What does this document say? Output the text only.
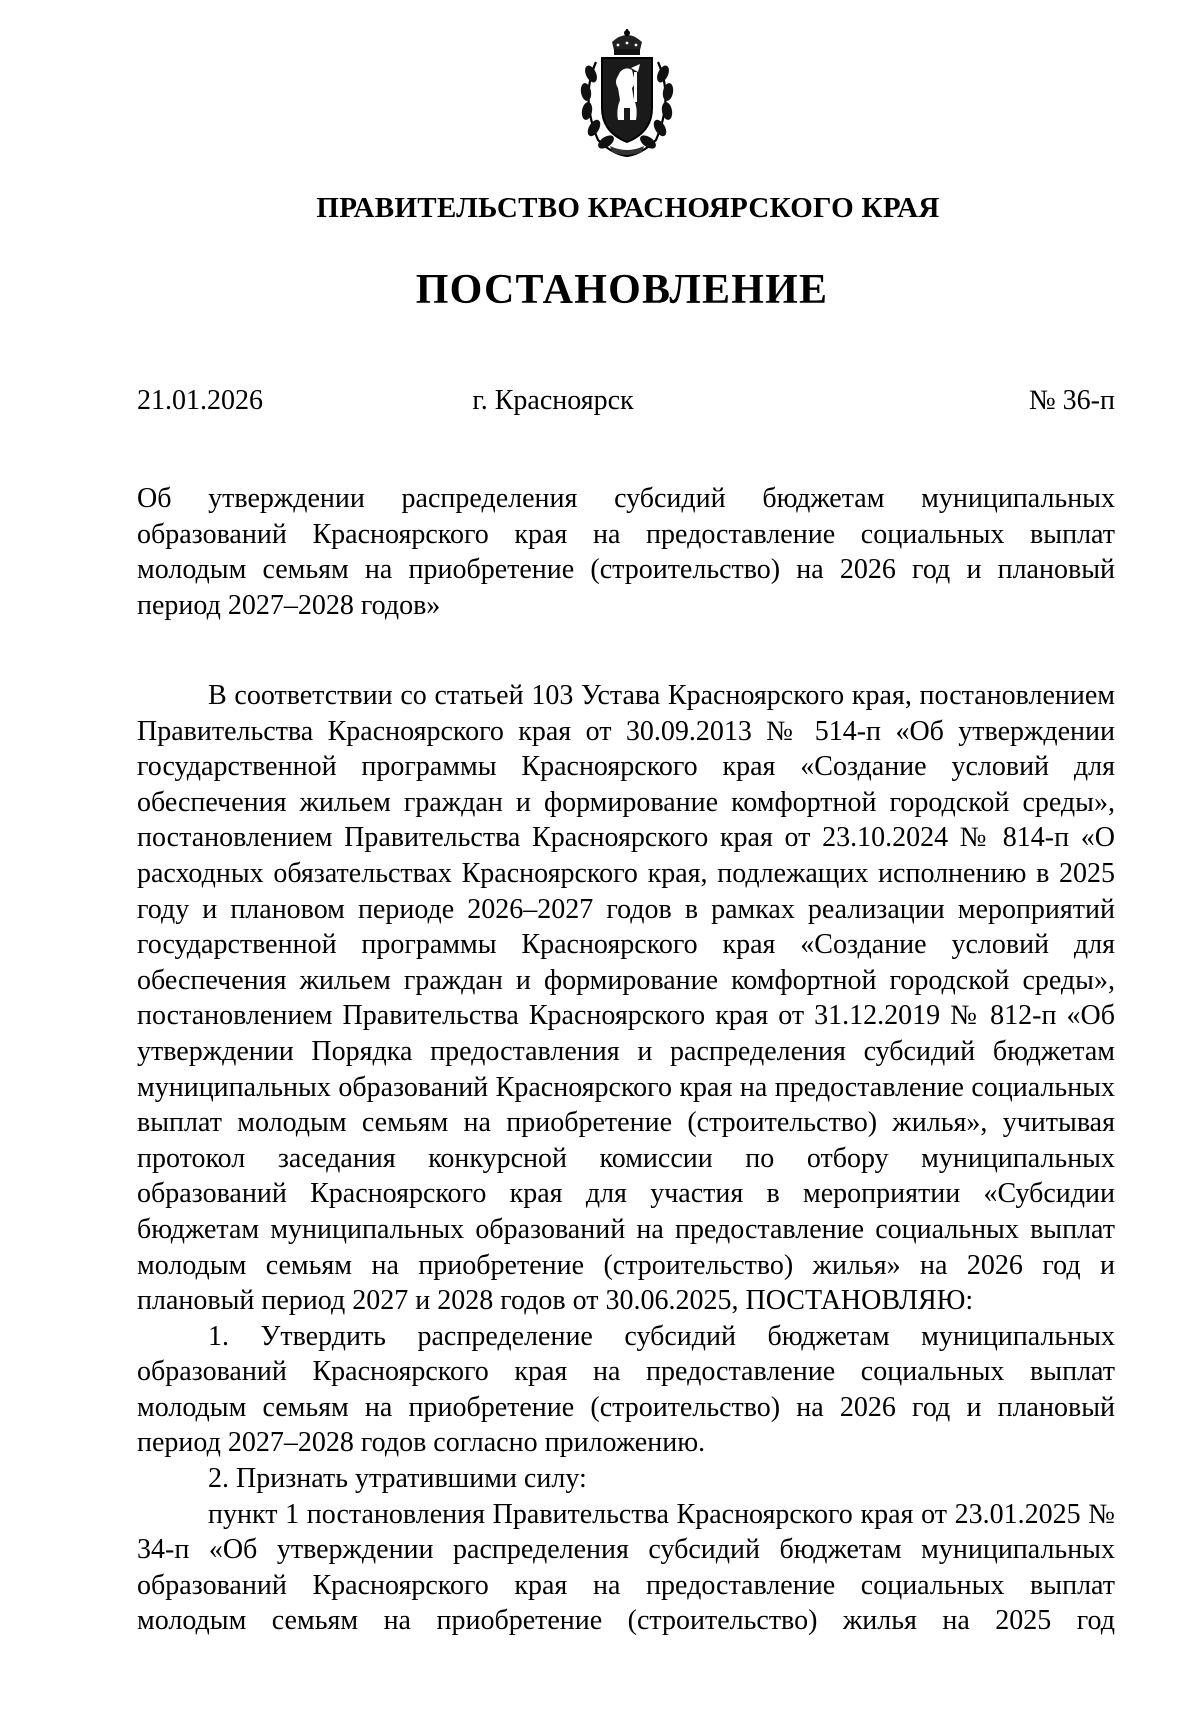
ПРАВИТЕЛЬСТВО КРАСНОЯРСКОГО КРАЯ
ПОСТАНОВЛЕНИЕ
21.01.2026	г. Красноярск	№ 36-п

Об утверждении распределения субсидий бюджетам муниципальных образований Красноярского края на предоставление социальных выплат молодым семьям на приобретение (строительство) на 2026 год и плановый период 2027–2028 годов»

В соответствии со статьей 103 Устава Красноярского края, постановлением Правительства Красноярского края от 30.09.2013 № 514-п «Об утверждении государственной программы Красноярского края «Создание условий для обеспечения жильем граждан и формирование комфортной городской среды», постановлением Правительства Красноярского края от 23.10.2024 № 814-п «О расходных обязательствах Красноярского края, подлежащих исполнению в 2025 году и плановом периоде 2026–2027 годов в рамках реализации мероприятий государственной программы Красноярского края «Создание условий для обеспечения жильем граждан и формирование комфортной городской среды», постановлением Правительства Красноярского края от 31.12.2019 № 812-п «Об утверждении Порядка предоставления и распределения субсидий бюджетам муниципальных образований Красноярского края на предоставление социальных выплат молодым семьям на приобретение (строительство) жилья», учитывая протокол заседания конкурсной комиссии по отбору муниципальных образований Красноярского края для участия в мероприятии «Субсидии бюджетам муниципальных образований на предоставление социальных выплат молодым семьям на приобретение (строительство) жилья» на 2026 год и плановый период 2027 и 2028 годов от 30.06.2025, ПОСТАНОВЛЯЮ:

1. Утвердить распределение субсидий бюджетам муниципальных образований Красноярского края на предоставление социальных выплат молодым семьям на приобретение (строительство) на 2026 год и плановый период 2027–2028 годов согласно приложению.

2. Признать утратившими силу:

пункт 1 постановления Правительства Красноярского края от 23.01.2025 № 34-п «Об утверждении распределения субсидий бюджетам муниципальных образований Красноярского края на предоставление социальных выплат молодым семьям на приобретение (строительство) жилья на 2025 год
